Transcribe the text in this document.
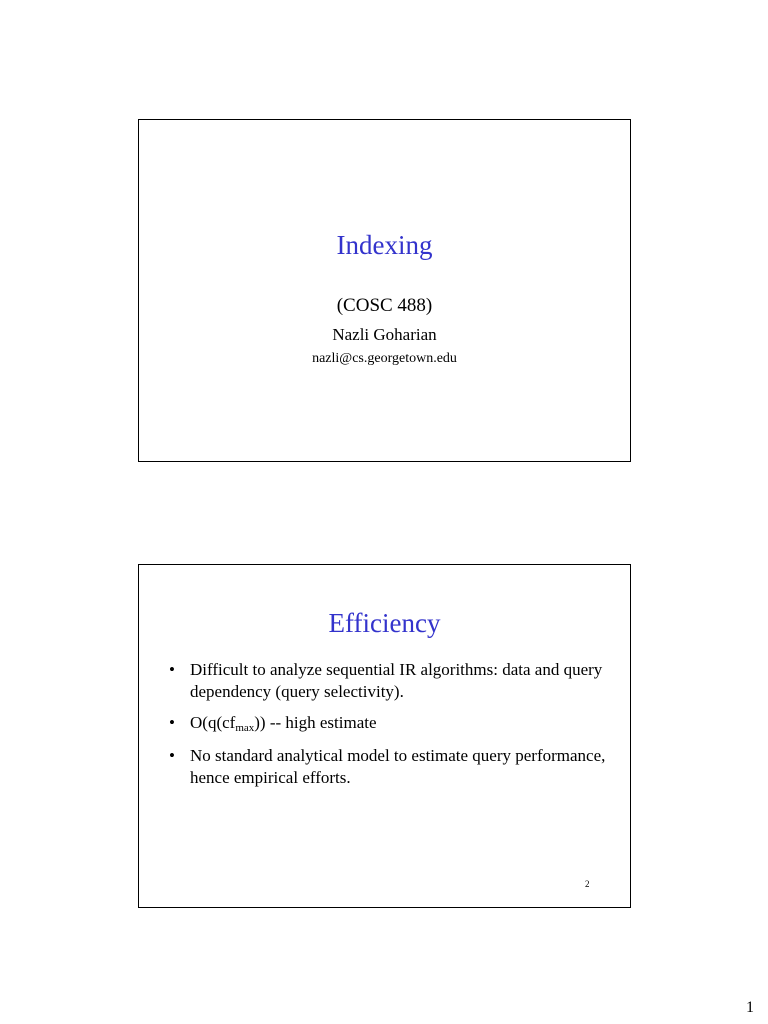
Indexing
(COSC 488)
Nazli Goharian
nazli@cs.georgetown.edu
Efficiency
• Difficult to analyze sequential IR algorithms: data and query dependency (query selectivity).
• O(q(cfmax)) -- high estimate
• No standard analytical model to estimate query performance, hence empirical efforts.
2
1
